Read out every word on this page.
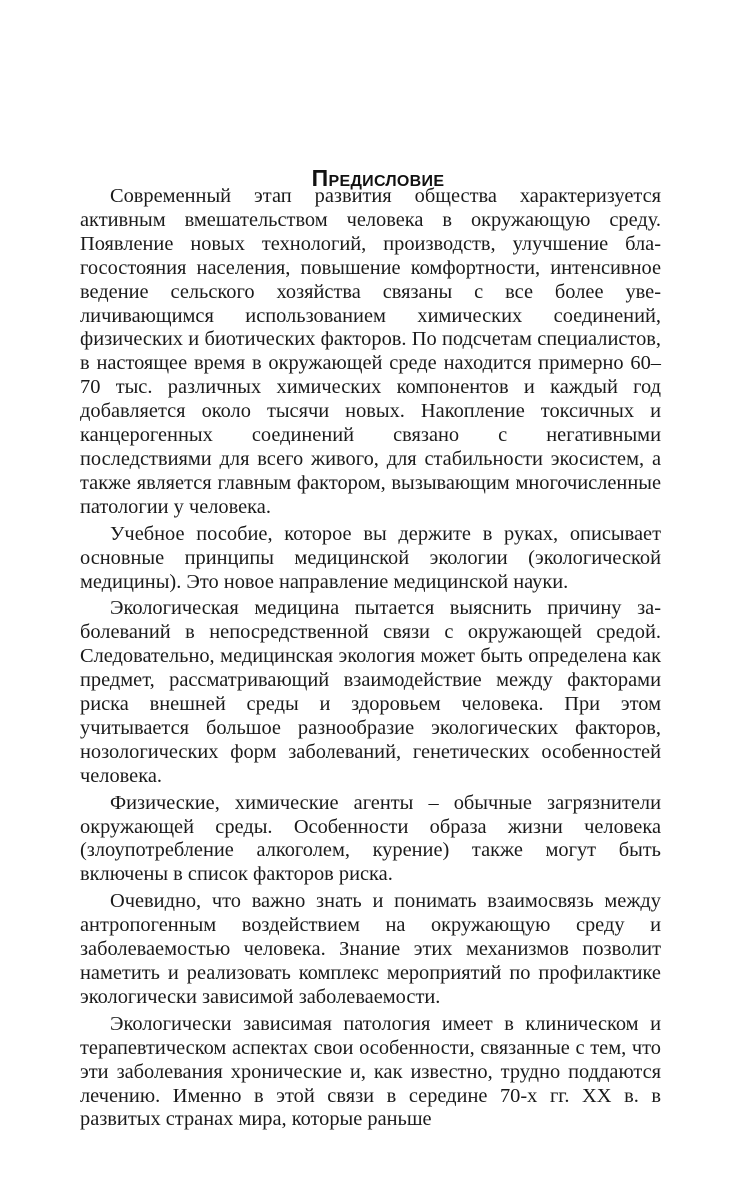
Предисловие

Современный этап развития общества характеризуется активным вмешательством человека в окружающую среду. Появление новых технологий, производств, улучшение благосостояния населения, повышение комфортности, интенсивное ведение сельского хозяйства связаны с все более увеличивающимся использованием химических соединений, физических и биотических факторов. По подсчетам специалистов, в настоящее время в окружающей среде находится примерно 60–70 тыс. различных химических компонентов и каждый год добавляется около тысячи новых. Накопление токсичных и канцерогенных соединений связано с негативными последствиями для всего живого, для стабильности экосистем, а также является главным фактором, вызывающим многочисленные патологии у человека.

Учебное пособие, которое вы держите в руках, описывает основные принципы медицинской экологии (экологической медицины). Это новое направление медицинской науки.

Экологическая медицина пытается выяснить причину заболеваний в непосредственной связи с окружающей средой. Следовательно, медицинская экология может быть определена как предмет, рассматривающий взаимодействие между факторами риска внешней среды и здоровьем человека. При этом учитывается большое разнообразие экологических факторов, нозологических форм заболеваний, генетических особенностей человека.

Физические, химические агенты – обычные загрязнители окружающей среды. Особенности образа жизни человека (злоупотребление алкоголем, курение) также могут быть включены в список факторов риска.

Очевидно, что важно знать и понимать взаимосвязь между антропогенным воздействием на окружающую среду и заболеваемостью человека. Знание этих механизмов позволит наметить и реализовать комплекс мероприятий по профилактике экологически зависимой заболеваемости.

Экологически зависимая патология имеет в клиническом и терапевтическом аспектах свои особенности, связанные с тем, что эти заболевания хронические и, как известно, трудно поддаются лечению. Именно в этой связи в середине 70-х гг. XX в. в развитых странах мира, которые раньше
